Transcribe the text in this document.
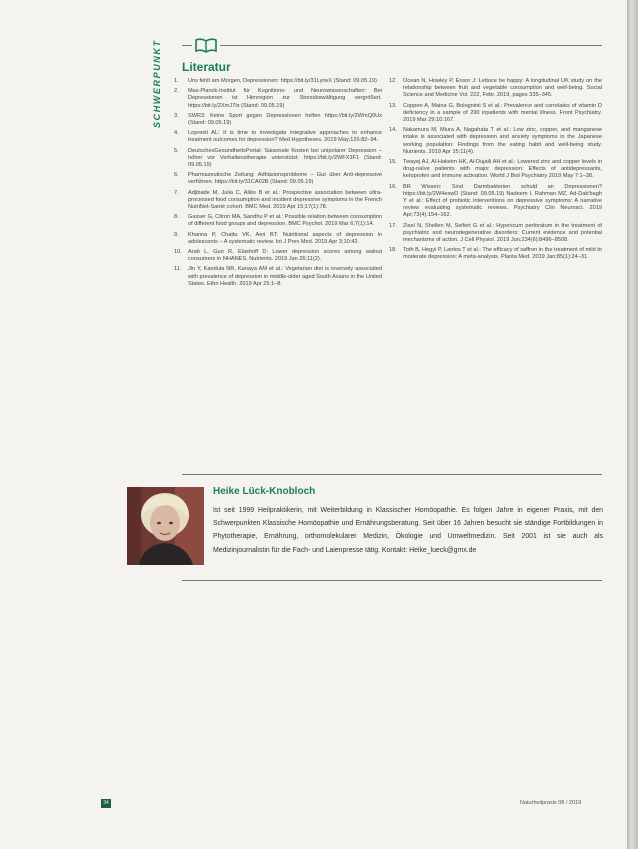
SCHWERPUNKT Literatur
1.	Uns fehlt am Morgen, Depressionen: https://bit.ly/31LyrwX (Stand: 09.05.19)
2.	Max-Planck-Institut für Kognitions- und Neurowissenschaften: Bei Depressionen ist Hirnregion zur Stressbewältigung vergrößert. https://bit.ly/2XmJ7Is (Stand: 09.05.19)
3.	SWR3: Keine Sport gegen Depressionen helfen https://bit.ly/2WmQ0Ux (Stand: 09.05.19)
4.	Lopresti AL: It is time to investigate integrative approaches to enhance treatment outcomes for depression? Med Hypotheses. 2019 May;126:82–94.
5.	DeutschesGesundheitsPortal: Saisonale Kosten bei unipolarer Depression – höher vor Verhaltenstherapie unterstützt. https://bit.ly/2WFX3F1 (Stand: 09.05.19)
6.	Pharmazeutische Zeitung: Adhäsionsprobleme – Gut über Anti-depressive verführen. https://bit.ly/31CA02B (Stand: 09.05.19)
7.	Adjibade M, Julia C, Allès B et al.: Prospective association between ultra-processed food consumption and incident depressive symptoms in the French NutriNet-Santé cohort. BMC Med. 2019 Apr 15;17(1):78.
8.	Gasser G, Citron MA, Sandhu P et al.: Possible relation between consumption of different food groups and depression. BMC Psychol. 2019 Mar 6;7(1):14.
9.	Khanna P, Chattu VK, Aeri BT: Nutritional aspects of depression in adolescents – A systematic review. Int J Prev Med. 2019 Apr 3;10:42.
10.	Arab L, Guo R, Elashoff D: Lower depression scores among walnut consumers in NHANES. Nutrients. 2019 Jan 26;11(2).
11.	Jin Y, Kandula NR, Kanaya AM et al.: Vegetarian diet is inversely associated with prevalence of depression in middle-older aged South Asians in the United States. Ethn Health. 2019 Apr 25:1–8.
12.	Ocean N, Howley P, Ensor J: Lettuce be happy: A longitudinal UK study on the relationship between fruit and vegetable consumption and well-being. Social Science and Medicine Vol. 222, Febr. 2019, pages 335–345.
13.	Coppen A, Maina G, Bologniniі S et al.: Prevalence and correlates of vitamin D deficiency in a sample of 290 inpatients with mental illness. Front Psychiatry. 2019 Mar 29;10:167.
14.	Nakamura M, Miura A, Nagahata T et al.: Low zinc, copper, and manganese intake is associated with depression and anxiety symptoms in the Japanese working population: Findings from the eating habit and well-being study. Nutrients. 2019 Apr 15;11(4).
15.	Twayej AJ, Al-Hakeim HK, Al-Dujaili AH et al.: Lowered zinc and copper levels in drug-naïve patients with major depression: Effects of antidepressants, ketoprofen and immune activation. World J Biol Psychiatry 2019 May 7:1–38.
16.	BR Wissen: Sind Darmbakterien schuld an Depressionen? https://bit.ly/2W4eswD (Stand: 09.05.19) Nadeem I, Rahman MZ, Ad-Dab'bagh Y et al.: Effect of probiotic interventions on depressive symptoms: A narrative review evaluating systematic reviews. Psychiatry Clin Neurosci. 2019 Apr;73(4):154–162.
17.	Zisel N, Shellen M, Seifert G et al.: Hypericum perforatum in the treatment of psychiatric and neurodegenerative disorders: Current evidence and potential mechanisms of action. J Cell Physiol. 2019 Jun;234(6):8496–8508.
18.	Toth B, Hegyi P, Lantos T et al.: The efficacy of saffron in the treatment of mild to moderate depression: A meta-analysis. Planta Med. 2019 Jan;85(1):24–31.
Heike Lück-Knobloch
Ist seit 1999 Heilpraktikerin, mit Weiterbildung in Klassischer Homöopathie. Es folgen Jahre in eigener Praxis, mit den Schwerpunkten Klassische Homöopathie und Ernährungsberatung. Seit über 16 Jahren besucht sie ständige Fortbildungen in Phytotherapie, Ernährung, orthomolekularer Medizin, Ökologie und Umweltmedizin. Seit 2001 ist sie auch als Medizinjournalistin für die Fach- und Laienpresse tätig. Kontakt: Heike_lueck@gmx.de
34	Naturheilpraxis 08 / 2019
